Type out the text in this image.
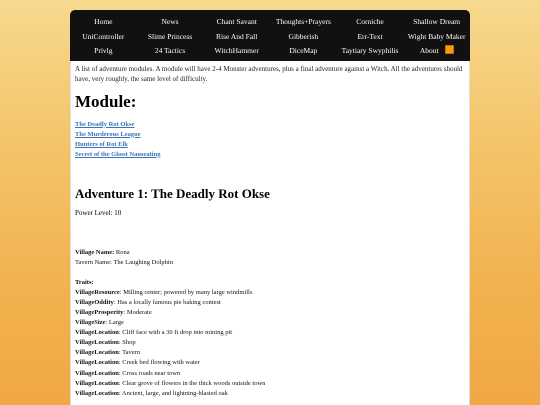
Home	News	Chant Savant	Thoughts+Prayers	Corniche	Shallow Dream
UniController	Slime Princess	Rise And Fall	Gibberish	Err-Text	Wight Baby Maker
Privlg	24 Tactics	WitchHammer	DiceMap	Taytiary Swyphilis	About

A list of adventure modules. A module will have 2-4 Monster adventures, plus a final adventure against a Witch. All the adventures should have, very roughly, the same level of difficulty.

Module:
The Deadly Rot Okse
The Murderous League
Hunters of Rot Elk
Secret of the Ghost Nauseating
Adventure 1: The Deadly Rot Okse

Power Level: 10

Village Name: Rona
Tavern Name: The Laughing Dolphin
Traits:
VillageResource: Milling center; powered by many large windmills
VillageOddity: Has a locally famous pie baking contest
VillageProsperity: Moderate
VillageSize: Large
VillageLocation: Cliff face with a 30 ft drop into mining pit
VillageLocation: Shop
VillageLocation: Tavern
VillageLocation: Creek bed flowing with water
VillageLocation: Cross roads near town
VillageLocation: Clear grove of flowers in the thick woods outside town
VillageLocation: Ancient, large, and lightning-blasted oak
